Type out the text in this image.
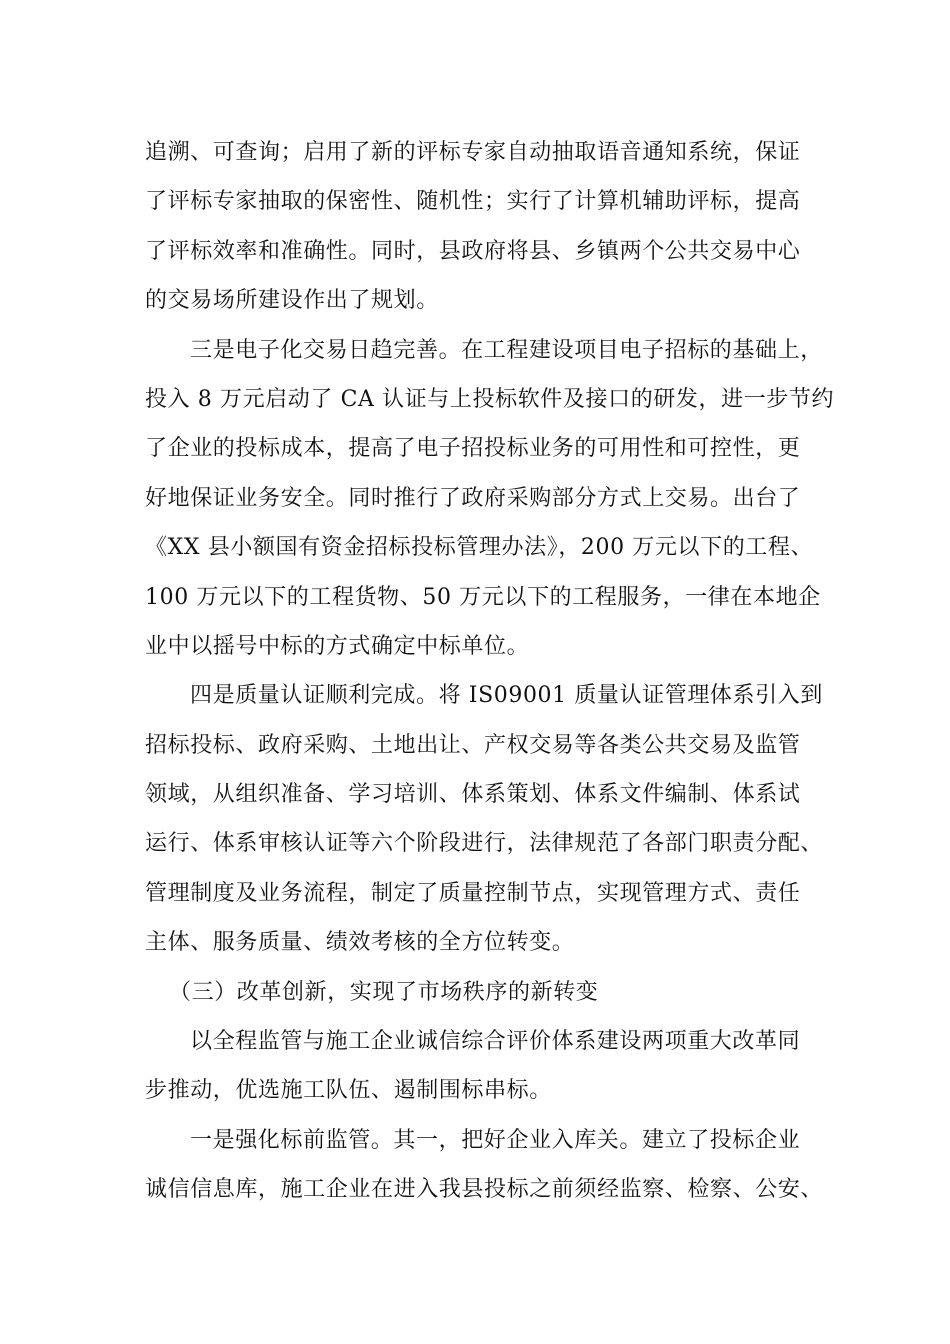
追溯、可查询；启用了新的评标专家自动抽取语音通知系统，保证
了评标专家抽取的保密性、随机性；实行了计算机辅助评标，提高
了评标效率和准确性。同时，县政府将县、乡镇两个公共交易中心
的交易场所建设作出了规划。
三是电子化交易日趋完善。在工程建设项目电子招标的基础上，
投入 8 万元启动了 CA 认证与上投标软件及接口的研发，进一步节约
了企业的投标成本，提高了电子招投标业务的可用性和可控性，更
好地保证业务安全。同时推行了政府采购部分方式上交易。出台了
《XX 县小额国有资金招标投标管理办法》，200 万元以下的工程、
100 万元以下的工程货物、50 万元以下的工程服务，一律在本地企
业中以摇号中标的方式确定中标单位。
四是质量认证顺利完成。将 IS09001 质量认证管理体系引入到
招标投标、政府采购、土地出让、产权交易等各类公共交易及监管
领域，从组织准备、学习培训、体系策划、体系文件编制、体系试
运行、体系审核认证等六个阶段进行，法律规范了各部门职责分配、
管理制度及业务流程，制定了质量控制节点，实现管理方式、责任
主体、服务质量、绩效考核的全方位转变。
（三）改革创新，实现了市场秩序的新转变
以全程监管与施工企业诚信综合评价体系建设两项重大改革同
步推动，优选施工队伍、遏制围标串标。
一是强化标前监管。其一，把好企业入库关。建立了投标企业
诚信信息库，施工企业在进入我县投标之前须经监察、检察、公安、
